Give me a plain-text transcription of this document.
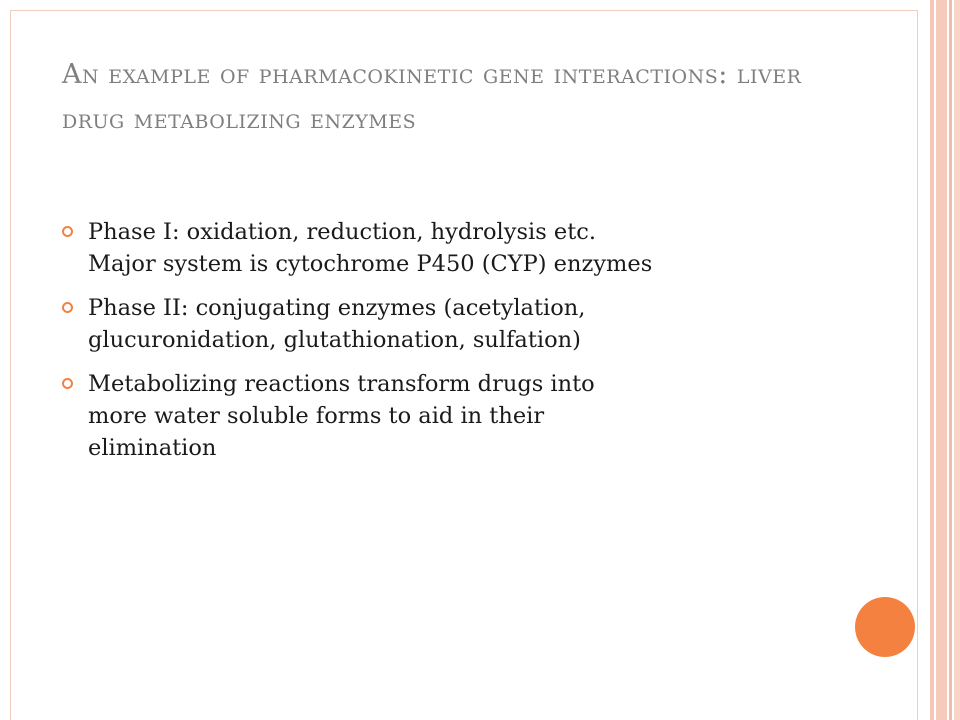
An example of pharmacokinetic gene interactions: liver drug metabolizing enzymes
Phase I: oxidation, reduction, hydrolysis etc.
Major system is cytochrome P450 (CYP) enzymes
Phase II: conjugating enzymes (acetylation,
glucuronidation, glutathionation, sulfation)
Metabolizing reactions transform drugs into
more water soluble forms to aid in their
elimination
